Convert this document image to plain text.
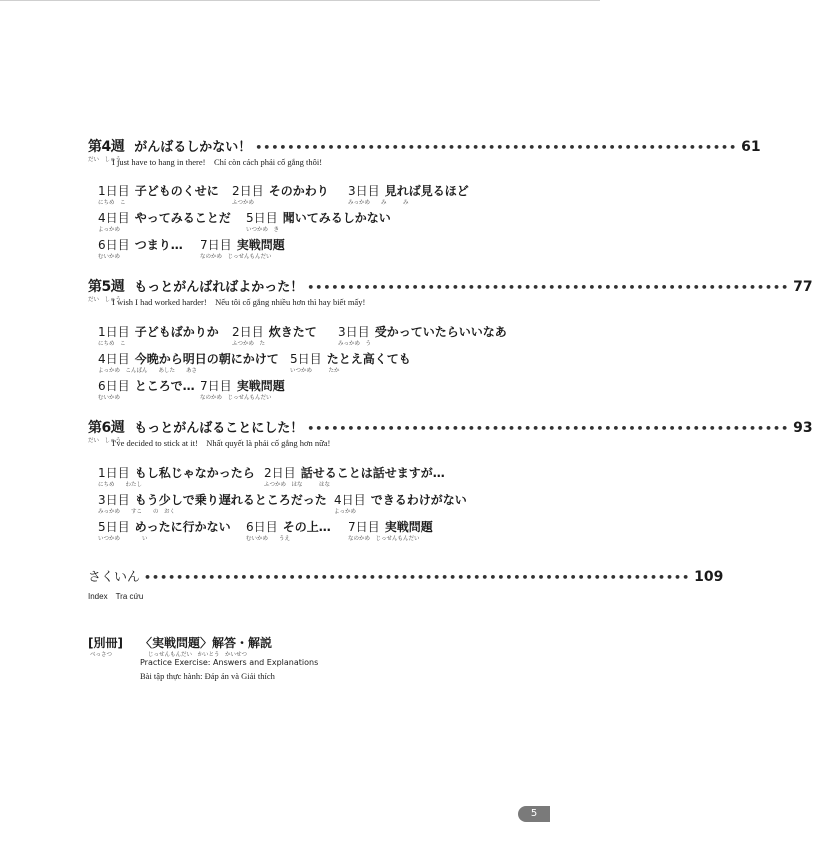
第4週 がんばるしかない！ •••••••••••••••••••••••••••••••••••••••••••••••••••••••••••• 61
だい　しゅう
I just have to hang in there!　Chỉ còn cách phải cố gắng thôi!
1日目 子どものくせに
にちめ　こ
2日目 そのかわり
ふつかめ
3日目 見れば見るほど
みっかめ　　み　　　み
4日目 やってみることだ
よっかめ
5日目 聞いてみるしかない
いつかめ　き
6日目 つまり…
むいかめ
7日目 実戦問題
なのかめ　じっせんもんだい
第5週 もっとがんばればよかった！ •••••••••••••••••••••••••••••••••••••••••••••••••••••••••••• 77
だい　しゅう
I wish I had worked harder!　Nếu tôi cố gắng nhiều hơn thì hay biết mấy!
1日目 子どもばかりか
にちめ　こ
2日目 炊きたて
ふつかめ　た
3日目 受かっていたらいいなあ
みっかめ　う
4日目 今晩から明日の朝にかけて
よっかめ　こんばん　　あした　　あさ
5日目 たとえ高くても
いつかめ　　　たか
6日目 ところで…
むいかめ
7日目 実戦問題
なのかめ　じっせんもんだい
第6週 もっとがんばることにした！ •••••••••••••••••••••••••••••••••••••••••••••••••••••••••••• 93
だい　しゅう
I've decided to stick at it!　Nhất quyết là phải cố gắng hơn nữa!
1日目 もし私じゃなかったら
にちめ　　わたし
2日目 話せることは話せますが…
ふつかめ　はな　　　はな
3日目 もう少しで乗り遅れるところだった
みっかめ　　すこ　　の　おく
4日目 できるわけがない
よっかめ
5日目 めったに行かない
いつかめ　　　　い
6日目 その上…
むいかめ　　うえ
7日目 実戦問題
なのかめ　じっせんもんだい
さくいん •••••••••••••••••••••••••••••••••••••••••••••••••••••••••••••••••••• 109
Index　Tra cứu
[別冊]
べっさつ
〈実戦問題〉解答・解説
じっせんもんだい　かいとう　かいせつ
Practice Exercise: Answers and Explanations
Bài tập thực hành: Đáp án và Giải thích
5
